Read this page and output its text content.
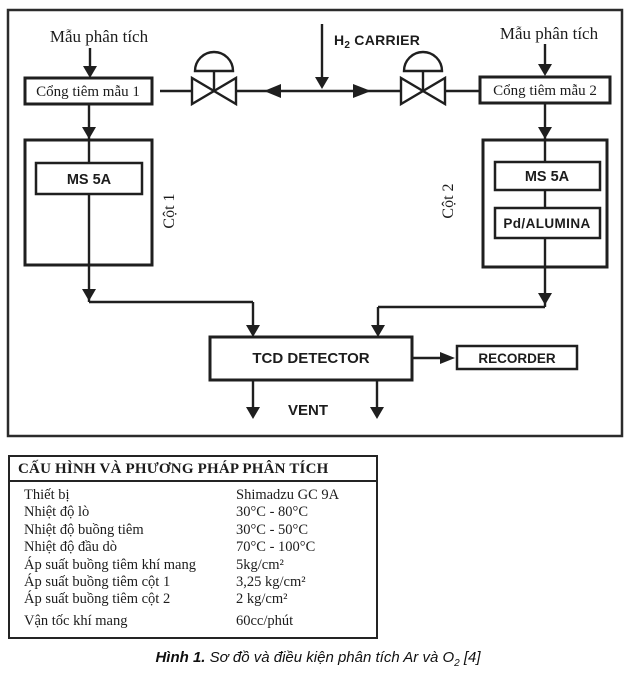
Mẫu phân tích	Mẫu phân tích
$H_2$ CARRIER
Cổng tiêm mẫu 1	Cổng tiêm mẫu 2
MS 5A
Cột 1
MS 5A
Pd/ALUMINA
Cột 2
TCD DETECTOR	RECORDER
VENT
CẤU HÌNH VÀ PHƯƠNG PHÁP PHÂN TÍCH
Thiết bị	Shimadzu GC 9A
Nhiệt độ lò	30°C - 80°C
Nhiệt độ buồng tiêm	30°C - 50°C
Nhiệt độ đầu dò	70°C - 100°C
Áp suất buồng tiêm khí mang	5kg/cm²
Áp suất buồng tiêm cột 1	3,25 kg/cm²
Áp suất buồng tiêm cột 2	2 kg/cm²
Vận tốc khí mang	60cc/phút
Hình 1. Sơ đồ và điều kiện phân tích Ar và $O_2$ [4]
